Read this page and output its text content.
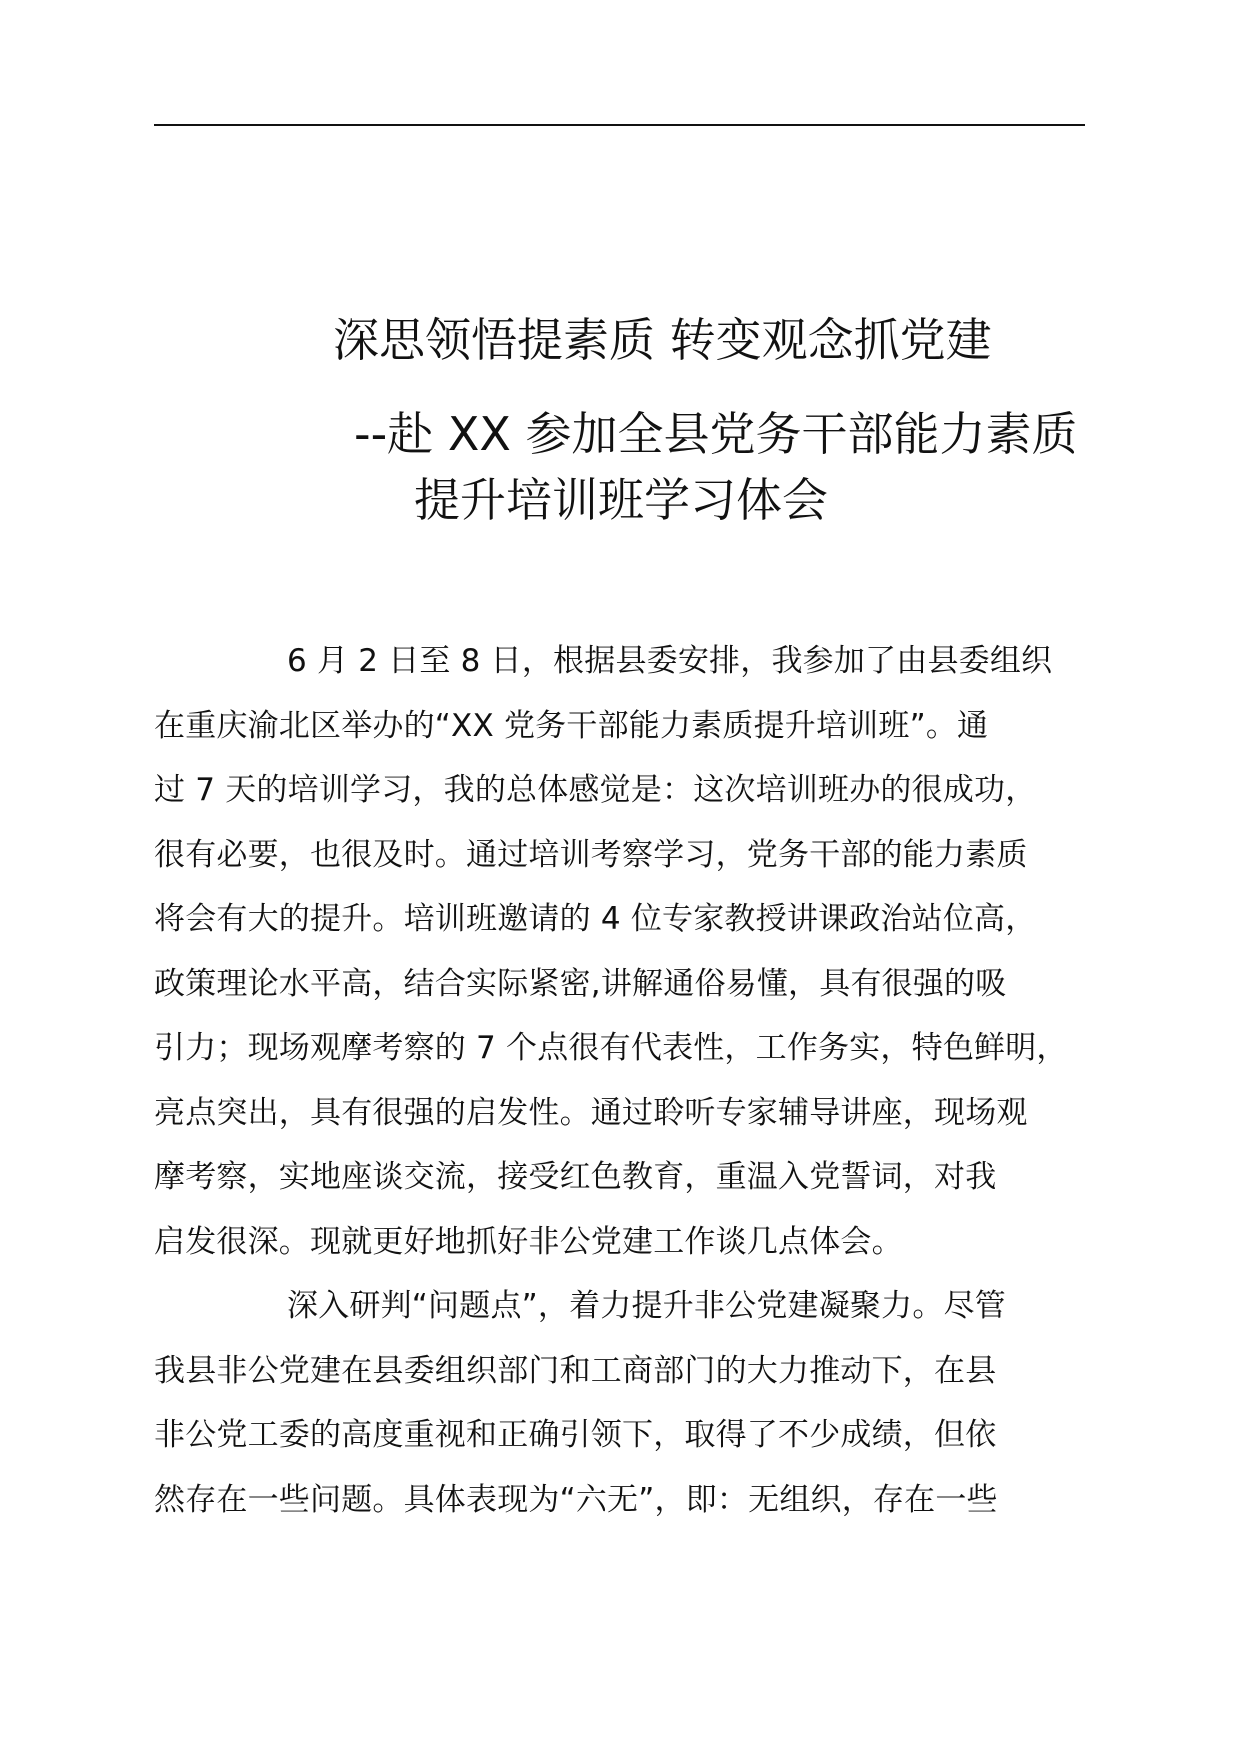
深思领悟提素质 转变观念抓党建
--赴 XX 参加全县党务干部能力素质
提升培训班学习体会
6 月 2 日至 8 日，根据县委安排，我参加了由县委组织
在重庆渝北区举办的“XX 党务干部能力素质提升培训班”。通
过 7 天的培训学习，我的总体感觉是：这次培训班办的很成功，
很有必要，也很及时。通过培训考察学习，党务干部的能力素质
将会有大的提升。培训班邀请的 4 位专家教授讲课政治站位高，
政策理论水平高，结合实际紧密,讲解通俗易懂，具有很强的吸
引力；现场观摩考察的 7 个点很有代表性，工作务实，特色鲜明，
亮点突出，具有很强的启发性。通过聆听专家辅导讲座，现场观
摩考察，实地座谈交流，接受红色教育，重温入党誓词，对我
启发很深。现就更好地抓好非公党建工作谈几点体会。
深入研判“问题点”，着力提升非公党建凝聚力。尽管
我县非公党建在县委组织部门和工商部门的大力推动下，在县
非公党工委的高度重视和正确引领下，取得了不少成绩，但依
然存在一些问题。具体表现为“六无”，即：无组织，存在一些
